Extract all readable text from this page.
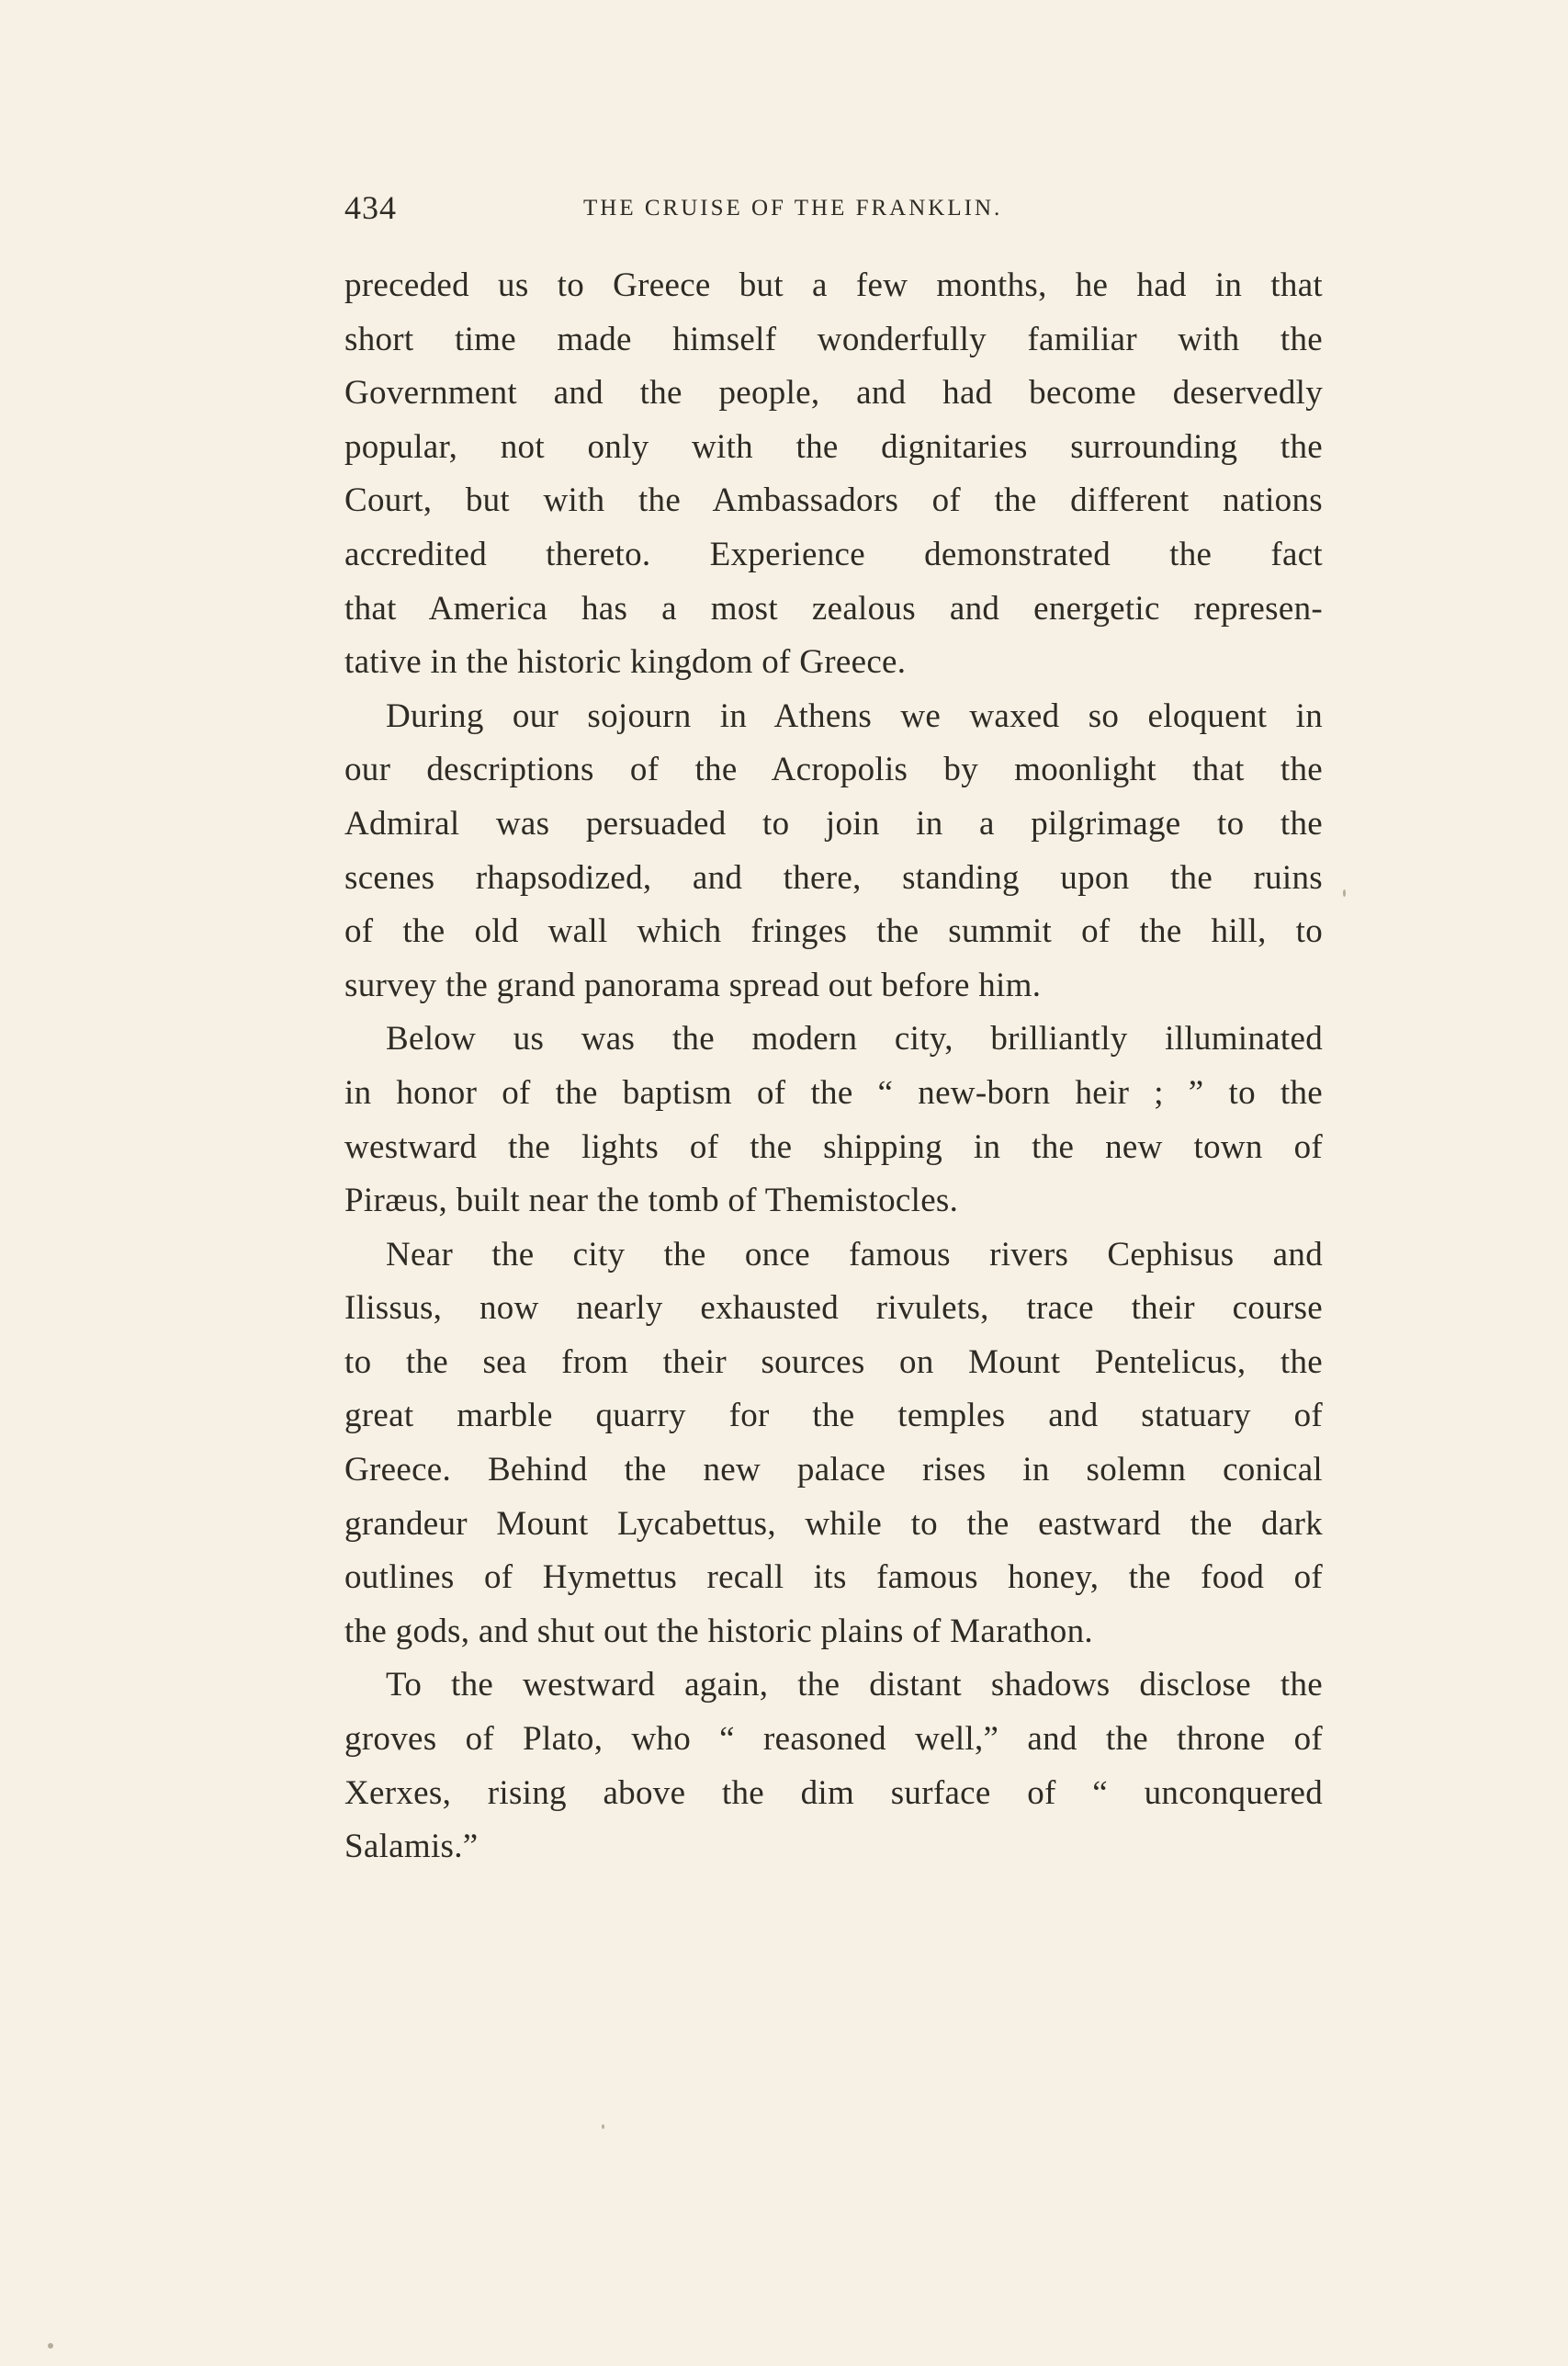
434	THE CRUISE OF THE FRANKLIN.
preceded us to Greece but a few months, he had in that
short time made himself wonderfully familiar with the
Government and the people, and had become deservedly
popular, not only with the dignitaries surrounding the
Court, but with the Ambassadors of the different nations
accredited thereto. Experience demonstrated the fact
that America has a most zealous and energetic represen-
tative in the historic kingdom of Greece.
During our sojourn in Athens we waxed so eloquent in
our descriptions of the Acropolis by moonlight that the
Admiral was persuaded to join in a pilgrimage to the
scenes rhapsodized, and there, standing upon the ruins
of the old wall which fringes the summit of the hill, to
survey the grand panorama spread out before him.
Below us was the modern city, brilliantly illuminated
in honor of the baptism of the “ new-born heir ; ” to the
westward the lights of the shipping in the new town of
Piræus, built near the tomb of Themistocles.
Near the city the once famous rivers Cephisus and
Ilissus, now nearly exhausted rivulets, trace their course
to the sea from their sources on Mount Pentelicus, the
great marble quarry for the temples and statuary of
Greece. Behind the new palace rises in solemn conical
grandeur Mount Lycabettus, while to the eastward the dark
outlines of Hymettus recall its famous honey, the food of
the gods, and shut out the historic plains of Marathon.
To the westward again, the distant shadows disclose the
groves of Plato, who “ reasoned well,” and the throne of
Xerxes, rising above the dim surface of “ unconquered
Salamis.”
